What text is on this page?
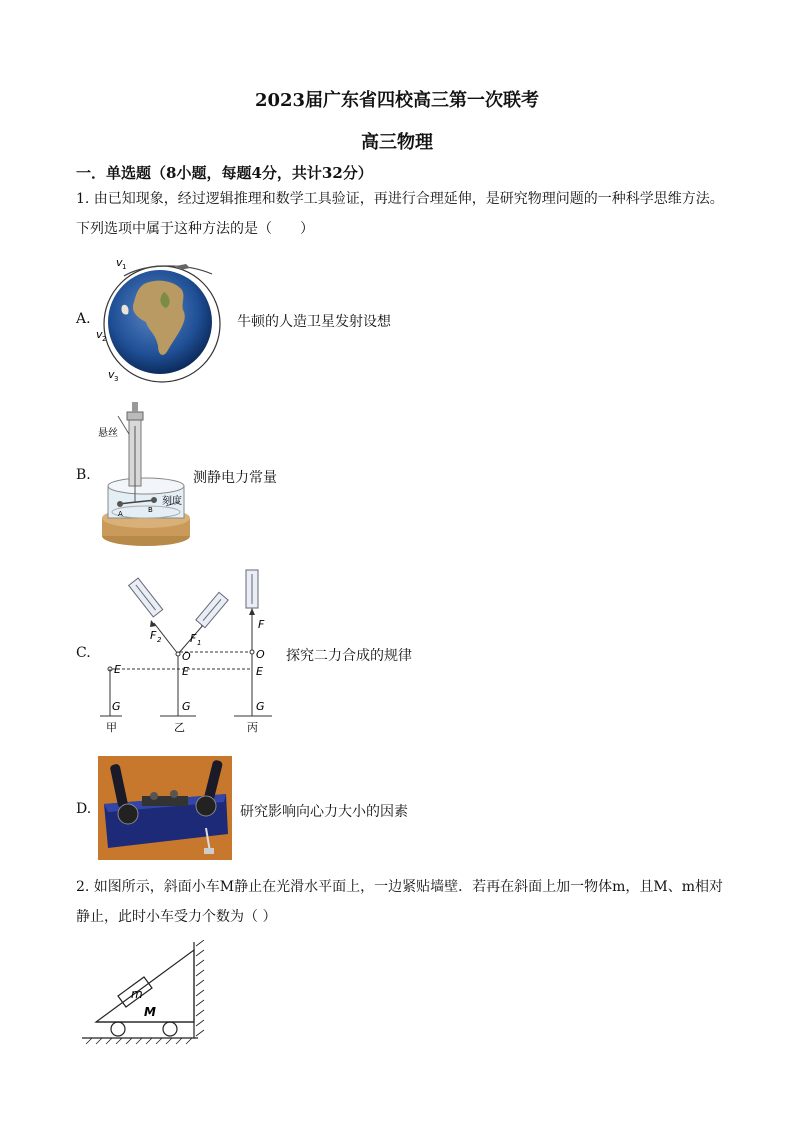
2023届广东省四校高三第一次联考
高三物理
一．单选题（8小题，每题4分，共计32分）
1. 由已知现象，经过逻辑推理和数学工具验证，再进行合理延伸，是研究物理问题的一种科学思维方法。
下列选项中属于这种方法的是（　　）
A.
v 1
v 2
v 3
牛顿的人造卫星发射设想
B.
悬丝
刻度
A	B
测静电力常量
C.
F 2	F 1
F
O	O
E	E	E
G	G	G
甲	乙	丙
探究二力合成的规律
D.	研究影响向心力大小的因素
2. 如图所示，斜面小车M静止在光滑水平面上，一边紧贴墙壁．若再在斜面上加一物体m，且M、m相对
静止，此时小车受力个数为（ ）
m
M
